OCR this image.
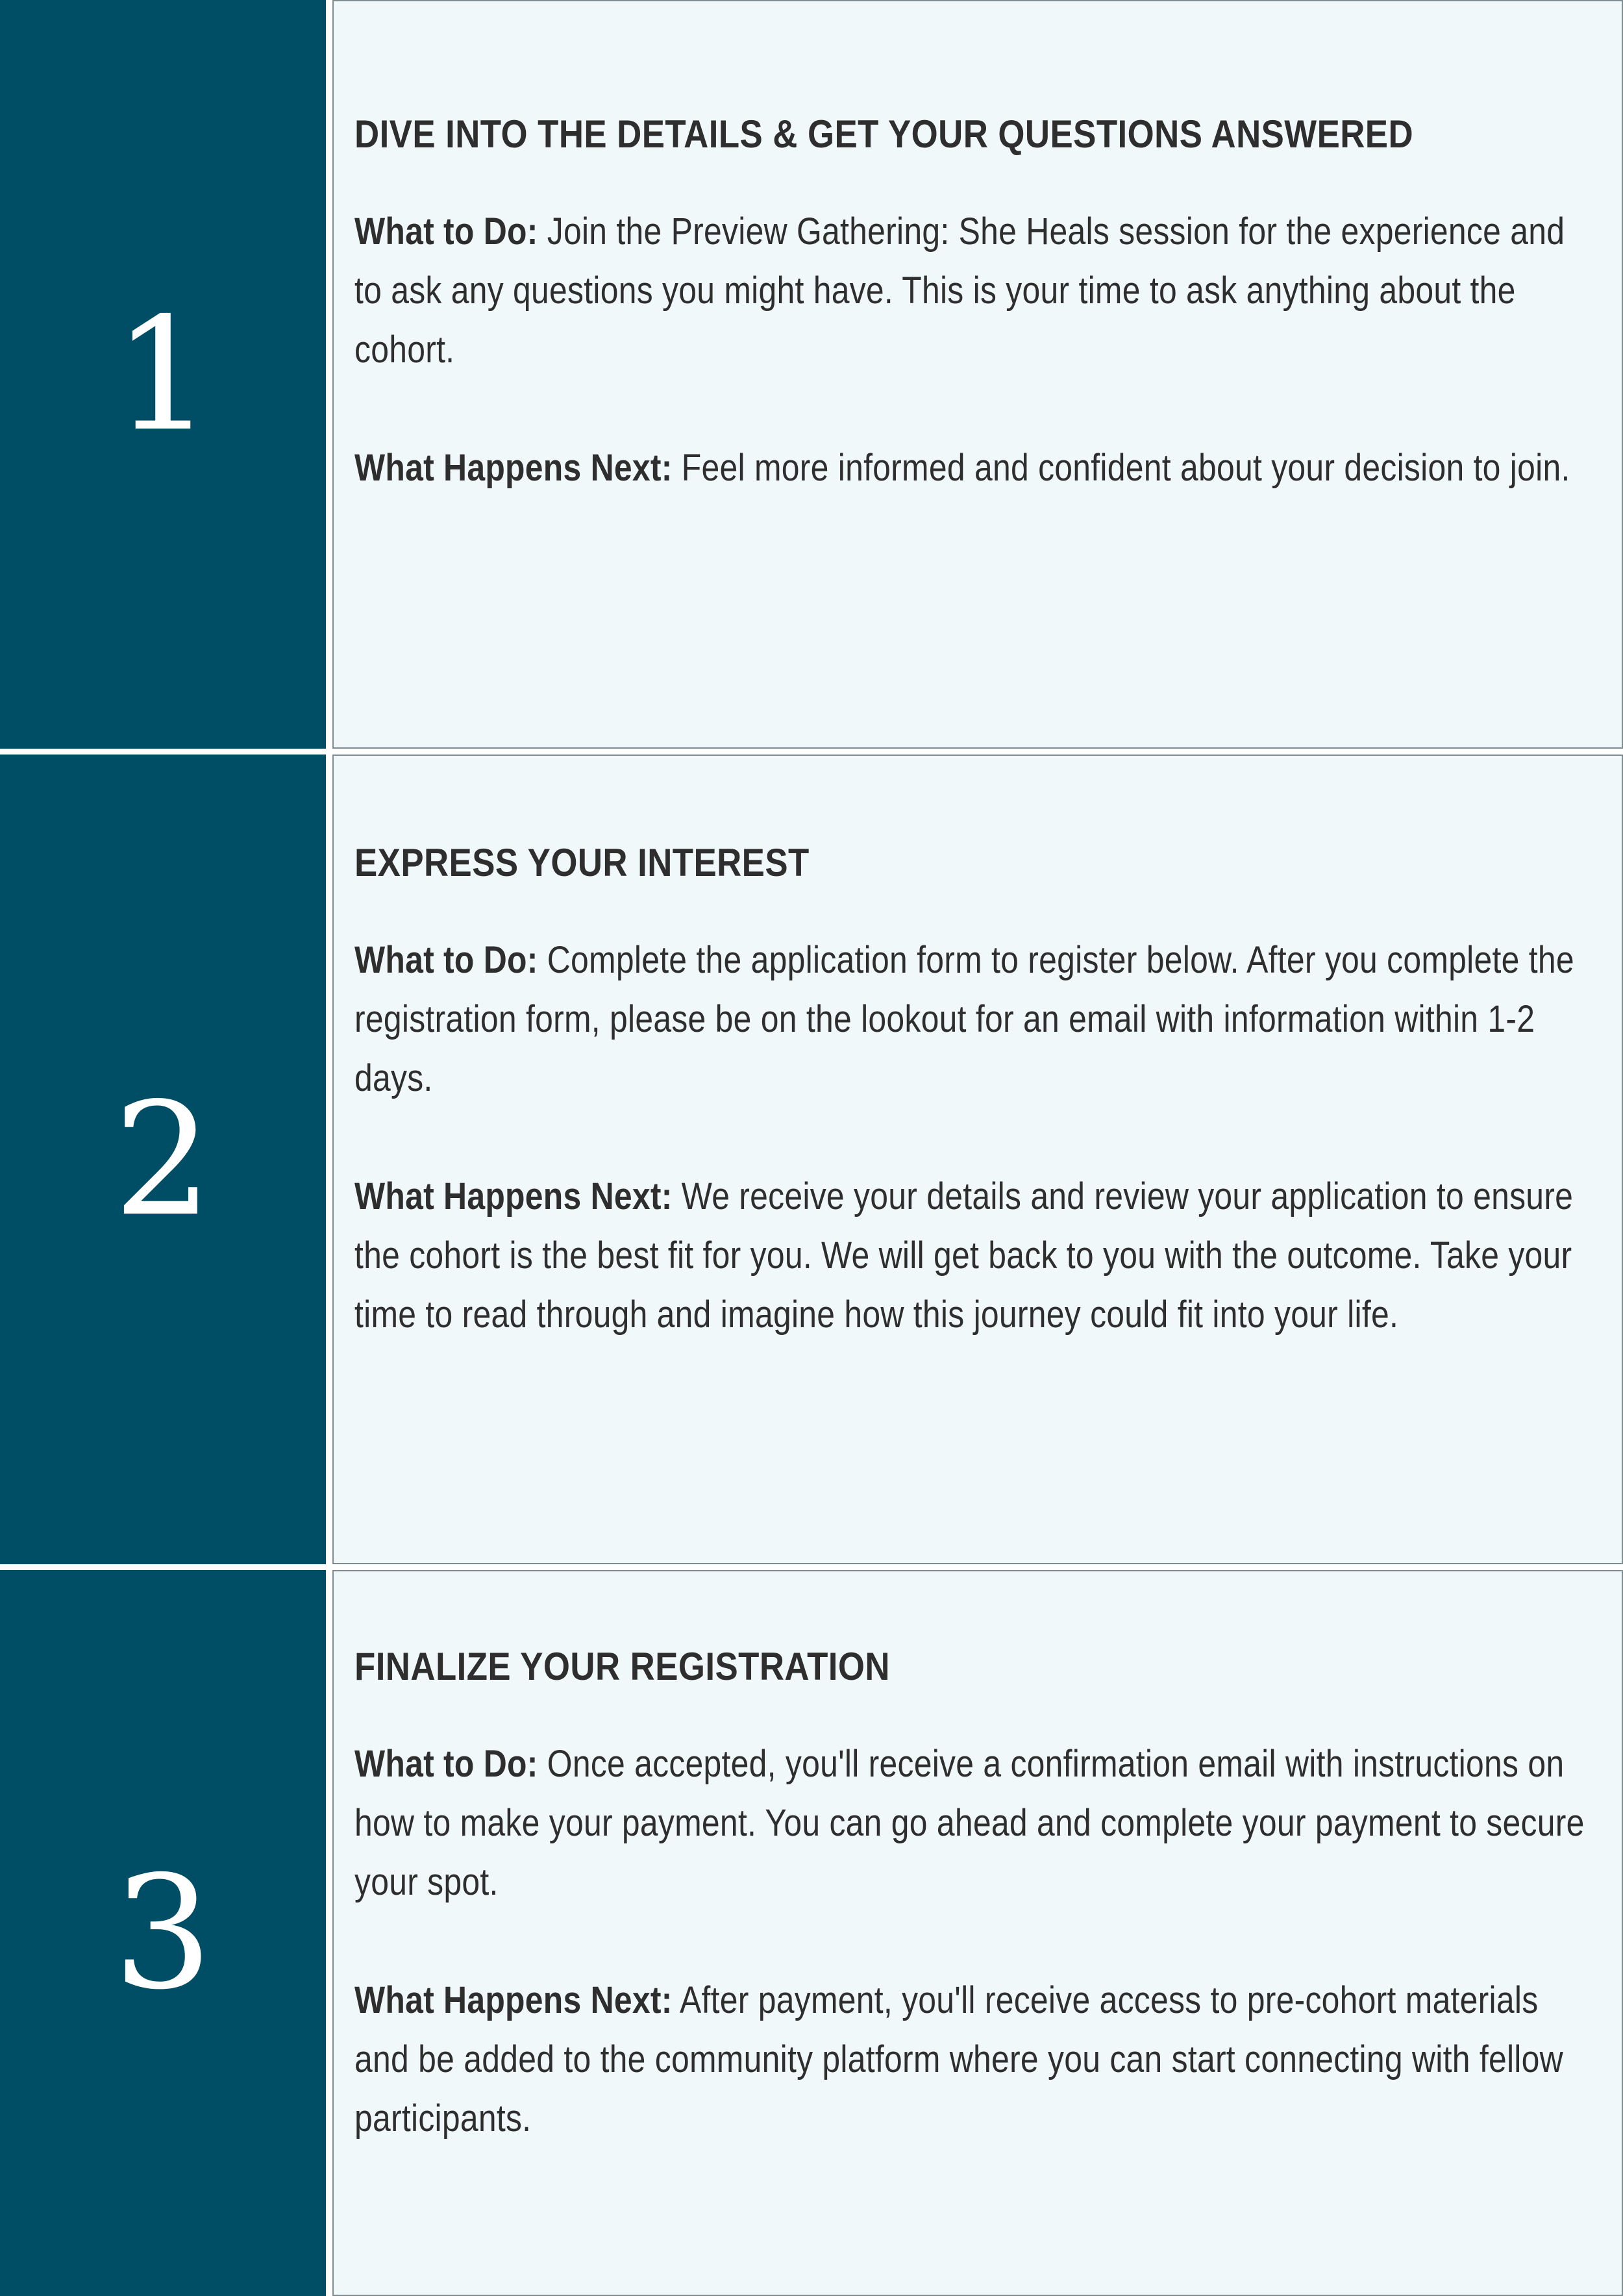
1
DIVE INTO THE DETAILS & GET YOUR QUESTIONS ANSWERED

What to Do: Join the Preview Gathering: She Heals session for the experience and to ask any questions you might have. This is your time to ask anything about the cohort.

What Happens Next: Feel more informed and confident about your decision to join.

2
EXPRESS YOUR INTEREST

What to Do: Complete the application form to register below. After you complete the registration form, please be on the lookout for an email with information within 1-2 days.

What Happens Next: We receive your details and review your application to ensure the cohort is the best fit for you. We will get back to you with the outcome. Take your time to read through and imagine how this journey could fit into your life.

3
FINALIZE YOUR REGISTRATION

What to Do: Once accepted, you'll receive a confirmation email with instructions on how to make your payment. You can go ahead and complete your payment to secure your spot.

What Happens Next: After payment, you'll receive access to pre-cohort materials and be added to the community platform where you can start connecting with fellow participants.
